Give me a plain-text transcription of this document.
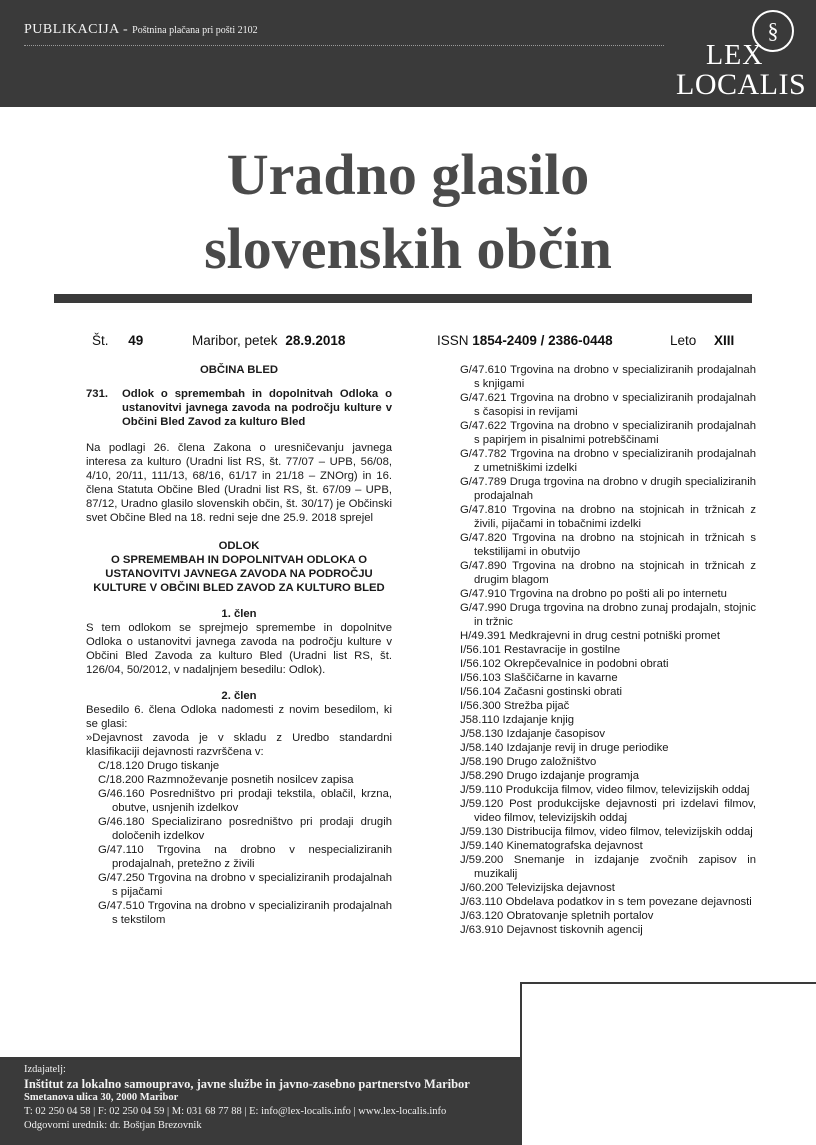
PUBLIKACIJA - Poštnina plačana pri pošti 2102	§
LEX
LOCALIS
Uradno glasilo
slovenskih občin
Št. 49	Maribor, petek 28.9.2018	ISSN 1854-2409 / 2386-0448	Leto XIII
OBČINA BLED
731.	Odlok o spremembah in dopolnitvah Odloka o ustanovitvi javnega zavoda na področju kulture v Občini Bled Zavod za kulturo Bled
Na podlagi 26. člena Zakona o uresničevanju javnega interesa za kulturo (Uradni list RS, št. 77/07 – UPB, 56/08, 4/10, 20/11, 111/13, 68/16, 61/17 in 21/18 – ZNOrg) in 16. člena Statuta Občine Bled (Uradni list RS, št. 67/09 – UPB, 87/12, Uradno glasilo slovenskih občin, št. 30/17) je Občinski svet Občine Bled na 18. redni seje dne 25.9. 2018 sprejel
ODLOK
O SPREMEMBAH IN DOPOLNITVAH ODLOKA O USTANOVITVI JAVNEGA ZAVODA NA PODROČJU KULTURE V OBČINI BLED ZAVOD ZA KULTURO BLED
1. člen
S tem odlokom se sprejmejo spremembe in dopolnitve Odloka o ustanovitvi javnega zavoda na področju kulture v Občini Bled Zavoda za kulturo Bled (Uradni list RS, št. 126/04, 50/2012, v nadaljnjem besedilu: Odlok).
2. člen
Besedilo 6. člena Odloka nadomesti z novim besedilom, ki se glasi:
»Dejavnost zavoda je v skladu z Uredbo standardni klasifikaciji dejavnosti razvrščena v:
C/18.120 Drugo tiskanje
C/18.200 Razmnoževanje posnetih nosilcev zapisa
G/46.160 Posredništvo pri prodaji tekstila, oblačil, krzna, obutve, usnjenih izdelkov
G/46.180 Specializirano posredništvo pri prodaji drugih določenih izdelkov
G/47.110 Trgovina na drobno v nespecializiranih prodajalnah, pretežno z živili
G/47.250 Trgovina na drobno v specializiranih prodajalnah s pijačami
G/47.510 Trgovina na drobno v specializiranih prodajalnah s tekstilom
G/47.610 Trgovina na drobno v specializiranih prodajalnah s knjigami
G/47.621 Trgovina na drobno v specializiranih prodajalnah s časopisi in revijami
G/47.622 Trgovina na drobno v specializiranih prodajalnah s papirjem in pisalnimi potrebščinami
G/47.782 Trgovina na drobno v specializiranih prodajalnah z umetniškimi izdelki
G/47.789 Druga trgovina na drobno v drugih specializiranih prodajalnah
G/47.810 Trgovina na drobno na stojnicah in tržnicah z živili, pijačami in tobačnimi izdelki
G/47.820 Trgovina na drobno na stojnicah in tržnicah s tekstilijami in obutvijo
G/47.890 Trgovina na drobno na stojnicah in tržnicah z drugim blagom
G/47.910 Trgovina na drobno po pošti ali po internetu
G/47.990 Druga trgovina na drobno zunaj prodajaln, stojnic in tržnic
H/49.391 Medkrajevni in drug cestni potniški promet
I/56.101 Restavracije in gostilne
I/56.102 Okrepčevalnice in podobni obrati
I/56.103 Slaščičarne in kavarne
I/56.104 Začasni gostinski obrati
I/56.300 Strežba pijač
J58.110 Izdajanje knjig
J/58.130 Izdajanje časopisov
J/58.140 Izdajanje revij in druge periodike
J/58.190 Drugo založništvo
J/58.290 Drugo izdajanje programja
J/59.110 Produkcija filmov, video filmov, televizijskih oddaj
J/59.120 Post produkcijske dejavnosti pri izdelavi filmov, video filmov, televizijskih oddaj
J/59.130 Distribucija filmov, video filmov, televizijskih oddaj
J/59.140 Kinematografska dejavnost
J/59.200 Snemanje in izdajanje zvočnih zapisov in muzikalij
J/60.200 Televizijska dejavnost
J/63.110 Obdelava podatkov in s tem povezane dejavnosti
J/63.120 Obratovanje spletnih portalov
J/63.910 Dejavnost tiskovnih agencij
Izdajatelj:
Inštitut za lokalno samoupravo, javne službe in javno-zasebno partnerstvo Maribor
Smetanova ulica 30, 2000 Maribor
T: 02 250 04 58 | F: 02 250 04 59 | M: 031 68 77 88 | E: info@lex-localis.info | www.lex-localis.info
Odgovorni urednik: dr. Boštjan Brezovnik
